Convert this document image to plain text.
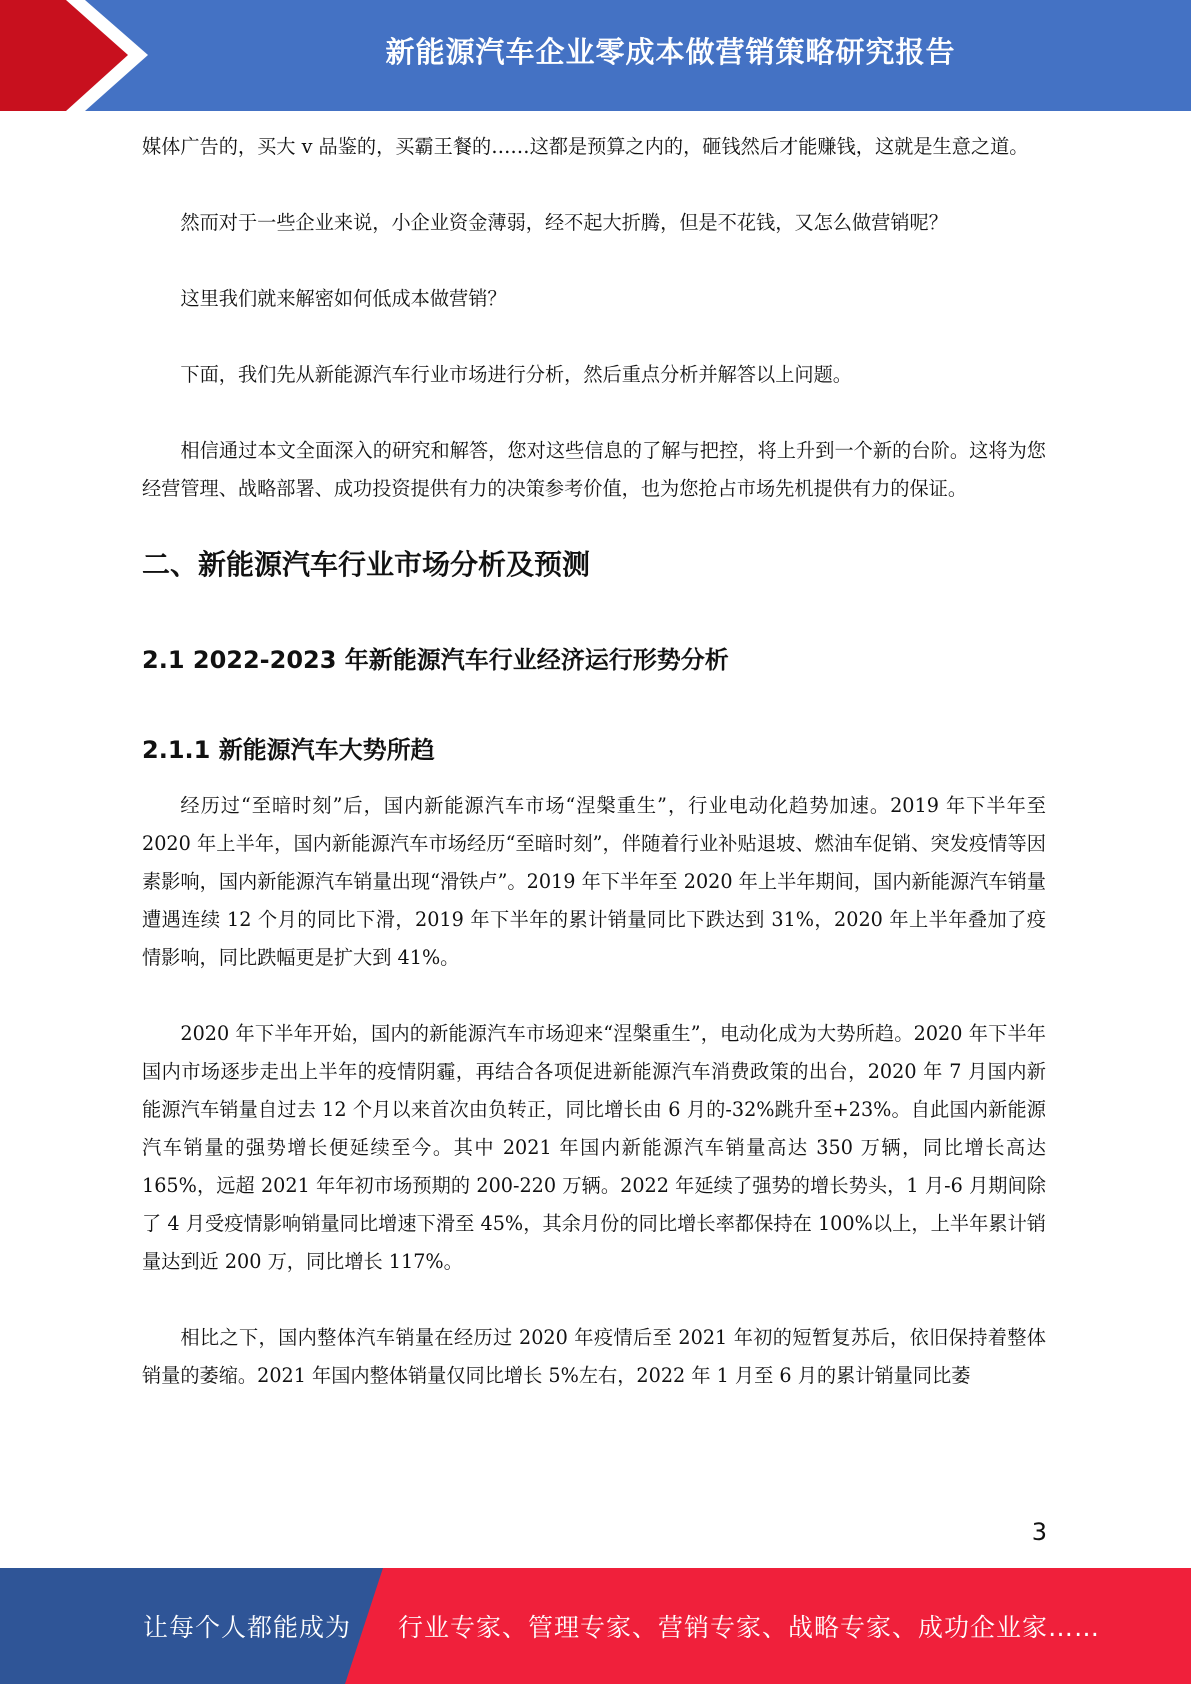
新能源汽车企业零成本做营销策略研究报告

媒体广告的，买大 v 品鉴的，买霸王餐的……这都是预算之内的，砸钱然后才能赚钱，这就是生意之道。

然而对于一些企业来说，小企业资金薄弱，经不起大折腾，但是不花钱，又怎么做营销呢？

这里我们就来解密如何低成本做营销？

下面，我们先从新能源汽车行业市场进行分析，然后重点分析并解答以上问题。

相信通过本文全面深入的研究和解答，您对这些信息的了解与把控，将上升到一个新的台阶。这将为您经营管理、战略部署、成功投资提供有力的决策参考价值，也为您抢占市场先机提供有力的保证。

二、新能源汽车行业市场分析及预测
2.1 2022-2023 年新能源汽车行业经济运行形势分析
2.1.1 新能源汽车大势所趋

经历过“至暗时刻”后，国内新能源汽车市场“涅槃重生”，行业电动化趋势加速。2019 年下半年至 2020 年上半年，国内新能源汽车市场经历“至暗时刻”，伴随着行业补贴退坡、燃油车促销、突发疫情等因素影响，国内新能源汽车销量出现“滑铁卢”。2019 年下半年至 2020 年上半年期间，国内新能源汽车销量遭遇连续 12 个月的同比下滑，2019 年下半年的累计销量同比下跌达到 31%，2020 年上半年叠加了疫情影响，同比跌幅更是扩大到 41%。

2020 年下半年开始，国内的新能源汽车市场迎来“涅槃重生”，电动化成为大势所趋。2020 年下半年国内市场逐步走出上半年的疫情阴霾，再结合各项促进新能源汽车消费政策的出台，2020 年 7 月国内新能源汽车销量自过去 12 个月以来首次由负转正，同比增长由 6 月的-32%跳升至+23%。自此国内新能源汽车销量的强势增长便延续至今。其中 2021 年国内新能源汽车销量高达 350 万辆，同比增长高达 165%，远超 2021 年年初市场预期的 200-220 万辆。2022 年延续了强势的增长势头，1 月-6 月期间除了 4 月受疫情影响销量同比增速下滑至 45%，其余月份的同比增长率都保持在 100%以上，上半年累计销量达到近 200 万，同比增长 117%。

相比之下，国内整体汽车销量在经历过 2020 年疫情后至 2021 年初的短暂复苏后，依旧保持着整体销量的萎缩。2021 年国内整体销量仅同比增长 5%左右，2022 年 1 月至 6 月的累计销量同比萎

3
让每个人都能成为 行业专家、管理专家、营销专家、战略专家、成功企业家……
